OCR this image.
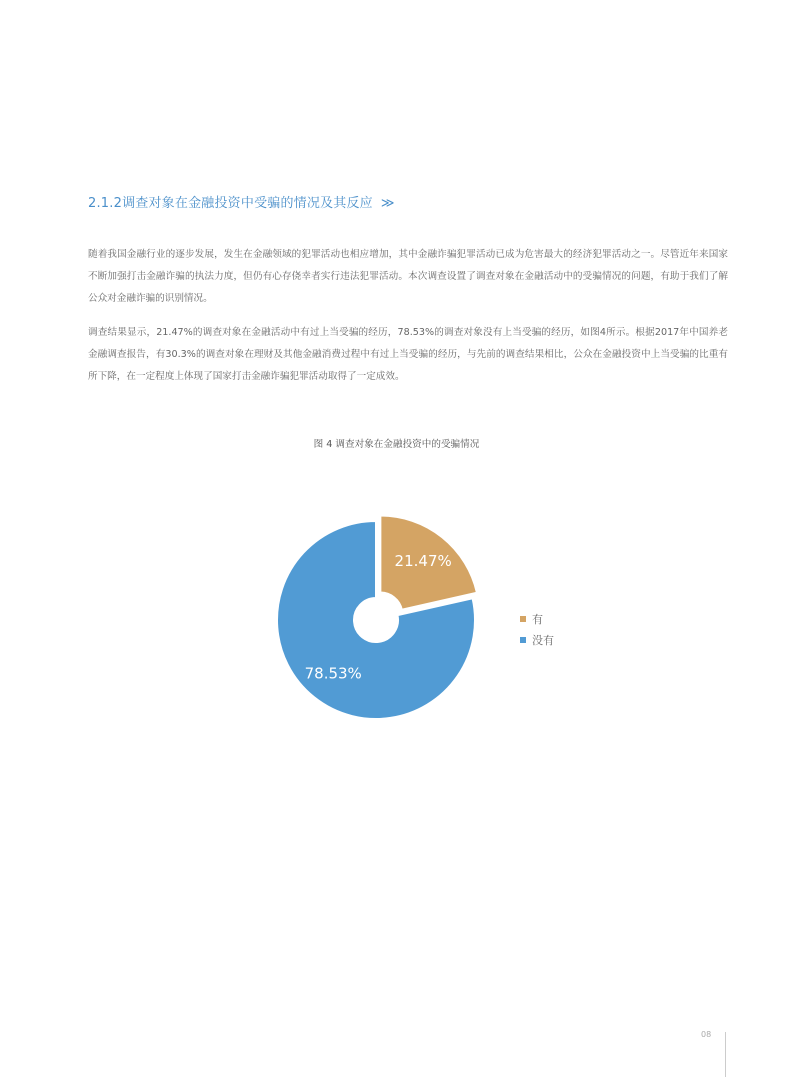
2.1.2调查对象在金融投资中受骗的情况及其反应 ≫

随着我国金融行业的逐步发展，发生在金融领域的犯罪活动也相应增加，其中金融诈骗犯罪活动已成为危害最大的经济犯罪活动之一。尽管近年来国家不断加强打击金融诈骗的执法力度，但仍有心存侥幸者实行违法犯罪活动。本次调查设置了调查对象在金融活动中的受骗情况的问题，有助于我们了解公众对金融诈骗的识别情况。

调查结果显示，21.47%的调查对象在金融活动中有过上当受骗的经历，78.53%的调查对象没有上当受骗的经历，如图4所示。根据2017年中国养老金融调查报告，有30.3%的调查对象在理财及其他金融消费过程中有过上当受骗的经历，与先前的调查结果相比，公众在金融投资中上当受骗的比重有所下降，在一定程度上体现了国家打击金融诈骗犯罪活动取得了一定成效。

图 4 调查对象在金融投资中的受骗情况
21.47%
78.53%
有
没有
08
